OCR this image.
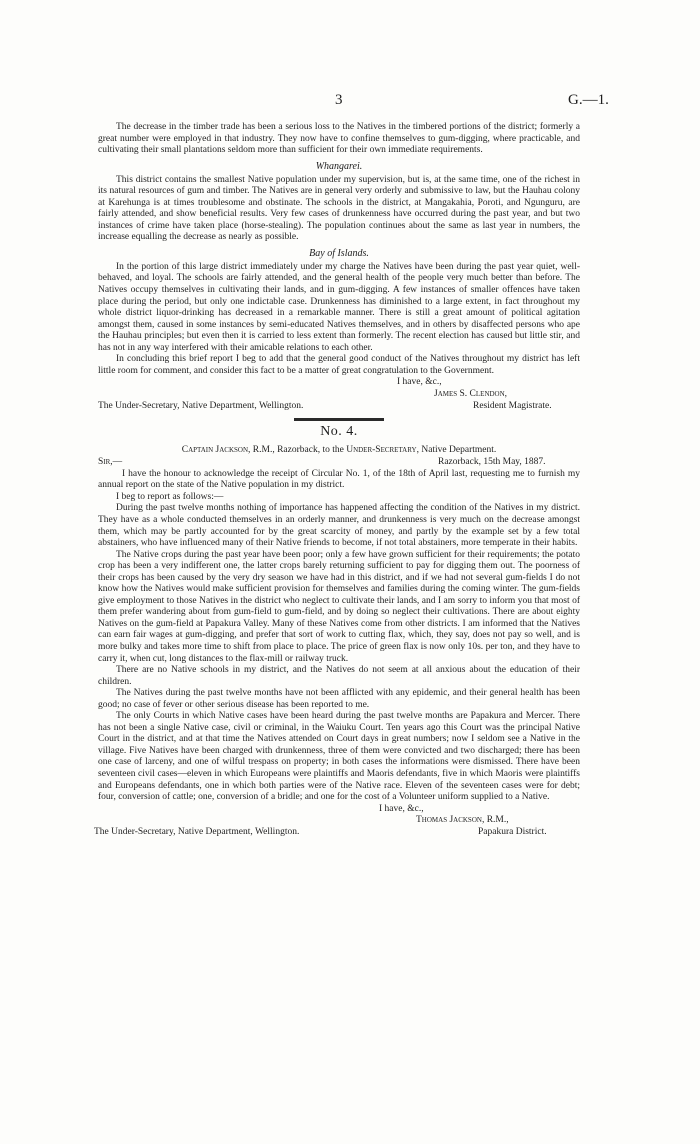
3	G.—1.

The decrease in the timber trade has been a serious loss to the Natives in the timbered portions of the district; formerly a great number were employed in that industry. They now have to confine themselves to gum-digging, where practicable, and cultivating their small plantations seldom more than sufficient for their own immediate requirements.

Whangarei.

This district contains the smallest Native population under my supervision, but is, at the same time, one of the richest in its natural resources of gum and timber. The Natives are in general very orderly and submissive to law, but the Hauhau colony at Karehunga is at times troublesome and obstinate. The schools in the district, at Mangakahia, Poroti, and Ngunguru, are fairly attended, and show beneficial results. Very few cases of drunkenness have occurred during the past year, and but two instances of crime have taken place (horse-stealing). The population continues about the same as last year in numbers, the increase equalling the decrease as nearly as possible.

Bay of Islands.

In the portion of this large district immediately under my charge the Natives have been during the past year quiet, well-behaved, and loyal. The schools are fairly attended, and the general health of the people very much better than before. The Natives occupy themselves in cultivating their lands, and in gum-digging. A few instances of smaller offences have taken place during the period, but only one indictable case. Drunkenness has diminished to a large extent, in fact throughout my whole district liquor-drinking has decreased in a remarkable manner. There is still a great amount of political agitation amongst them, caused in some instances by semi-educated Natives themselves, and in others by disaffected persons who ape the Hauhau principles; but even then it is carried to less extent than formerly. The recent election has caused but little stir, and has not in any way interfered with their amicable relations to each other.

In concluding this brief report I beg to add that the general good conduct of the Natives throughout my district has left little room for comment, and consider this fact to be a matter of great congratulation to the Government.

I have, &c.,
James S. Clendon,
The Under-Secretary, Native Department, Wellington.	Resident Magistrate.
No. 4.
Captain Jackson, R.M., Razorback, to the Under-Secretary, Native Department.
Sir,—	Razorback, 15th May, 1887.

I have the honour to acknowledge the receipt of Circular No. 1, of the 18th of April last, requesting me to furnish my annual report on the state of the Native population in my district.

I beg to report as follows:—

During the past twelve months nothing of importance has happened affecting the condition of the Natives in my district. They have as a whole conducted themselves in an orderly manner, and drunkenness is very much on the decrease amongst them, which may be partly accounted for by the great scarcity of money, and partly by the example set by a few total abstainers, who have influenced many of their Native friends to become, if not total abstainers, more temperate in their habits.

The Native crops during the past year have been poor; only a few have grown sufficient for their requirements; the potato crop has been a very indifferent one, the latter crops barely returning sufficient to pay for digging them out. The poorness of their crops has been caused by the very dry season we have had in this district, and if we had not several gum-fields I do not know how the Natives would make sufficient provision for themselves and families during the coming winter. The gum-fields give employment to those Natives in the district who neglect to cultivate their lands, and I am sorry to inform you that most of them prefer wandering about from gum-field to gum-field, and by doing so neglect their cultivations. There are about eighty Natives on the gum-field at Papakura Valley. Many of these Natives come from other districts. I am informed that the Natives can earn fair wages at gum-digging, and prefer that sort of work to cutting flax, which, they say, does not pay so well, and is more bulky and takes more time to shift from place to place. The price of green flax is now only 10s. per ton, and they have to carry it, when cut, long distances to the flax-mill or railway truck.

There are no Native schools in my district, and the Natives do not seem at all anxious about the education of their children.

The Natives during the past twelve months have not been afflicted with any epidemic, and their general health has been good; no case of fever or other serious disease has been reported to me.

The only Courts in which Native cases have been heard during the past twelve months are Papakura and Mercer. There has not been a single Native case, civil or criminal, in the Waiuku Court. Ten years ago this Court was the principal Native Court in the district, and at that time the Natives attended on Court days in great numbers; now I seldom see a Native in the village. Five Natives have been charged with drunkenness, three of them were convicted and two discharged; there has been one case of larceny, and one of wilful trespass on property; in both cases the informations were dismissed. There have been seventeen civil cases—eleven in which Europeans were plaintiffs and Maoris defendants, five in which Maoris were plaintiffs and Europeans defendants, one in which both parties were of the Native race. Eleven of the seventeen cases were for debt; four, conversion of cattle; one, conversion of a bridle; and one for the cost of a Volunteer uniform supplied to a Native.

I have, &c.,
Thomas Jackson, R.M.,
The Under-Secretary, Native Department, Wellington.	Papakura District.
